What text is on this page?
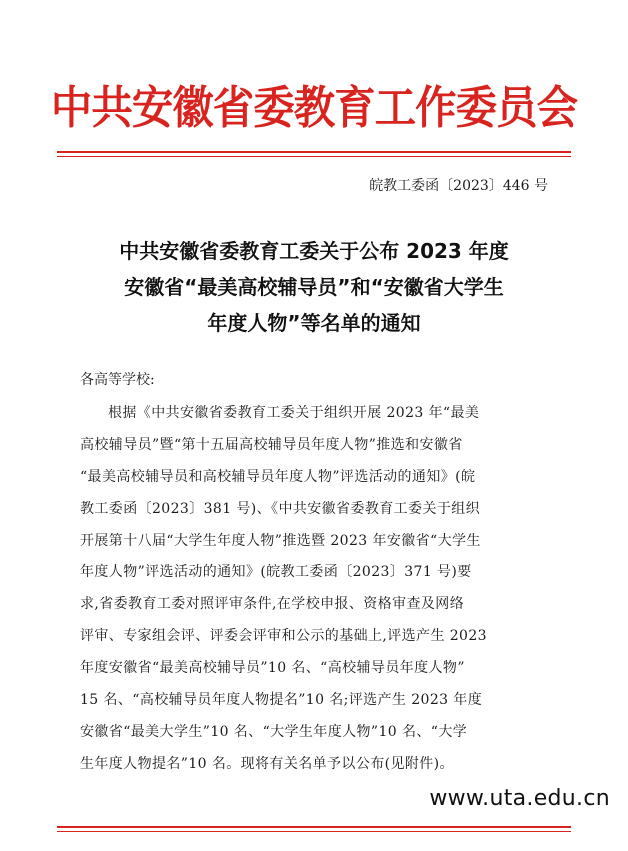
中共安徽省委教育工作委员会
皖教工委函〔2023〕446 号
中共安徽省委教育工委关于公布 2023 年度
安徽省“最美高校辅导员”和“安徽省大学生
年度人物”等名单的通知
各高等学校:
根据《中共安徽省委教育工委关于组织开展 2023 年“最美
高校辅导员”暨“第十五届高校辅导员年度人物”推选和安徽省
“最美高校辅导员和高校辅导员年度人物”评选活动的通知》(皖
教工委函〔2023〕381 号)、《中共安徽省委教育工委关于组织
开展第十八届“大学生年度人物”推选暨 2023 年安徽省“大学生
年度人物”评选活动的通知》(皖教工委函〔2023〕371 号)要
求,省委教育工委对照评审条件,在学校申报、资格审查及网络
评审、专家组会评、评委会评审和公示的基础上,评选产生 2023
年度安徽省“最美高校辅导员”10 名、“高校辅导员年度人物”
15 名、“高校辅导员年度人物提名”10 名;评选产生 2023 年度
安徽省“最美大学生”10 名、“大学生年度人物”10 名、“大学
生年度人物提名”10 名。现将有关名单予以公布(见附件)。
www.uta.edu.cn
